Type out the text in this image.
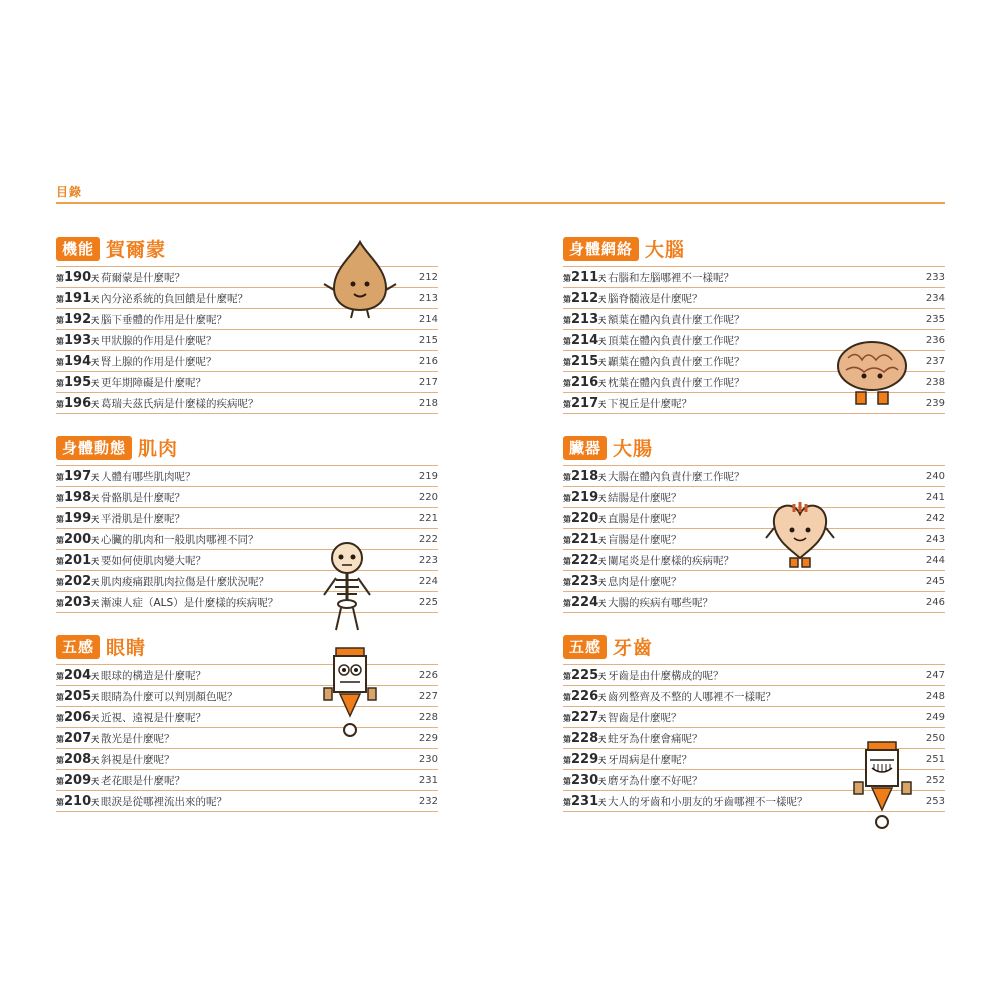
目錄
機能 賀爾蒙
第 190 天 荷爾蒙是什麼呢？	212
第 191 天 內分泌系統的負回饋是什麼呢？	213
第 192 天 腦下垂體的作用是什麼呢？	214
第 193 天 甲狀腺的作用是什麼呢？	215
第 194 天 腎上腺的作用是什麼呢？	216
第 195 天 更年期障礙是什麼呢？	217
第 196 天 葛瑞夫茲氏病是什麼樣的疾病呢？	218
身體動態 肌肉
第 197 天 人體有哪些肌肉呢？	219
第 198 天 骨骼肌是什麼呢？	220
第 199 天 平滑肌是什麼呢？	221
第 200 天 心臟的肌肉和一般肌肉哪裡不同？	222
第 201 天 要如何使肌肉變大呢？	223
第 202 天 肌肉痠痛跟肌肉拉傷是什麼狀況呢？	224
第 203 天 漸凍人症（ALS）是什麼樣的疾病呢？	225
五感 眼睛
第 204 天 眼球的構造是什麼呢？	226
第 205 天 眼睛為什麼可以判別顏色呢？	227
第 206 天 近視、遠視是什麼呢？	228
第 207 天 散光是什麼呢？	229
第 208 天 斜視是什麼呢？	230
第 209 天 老花眼是什麼呢？	231
第 210 天 眼淚是從哪裡流出來的呢？	232
身體網絡 大腦
第 211 天 右腦和左腦哪裡不一樣呢？	233
第 212 天 腦脊髓液是什麼呢？	234
第 213 天 額葉在體內負責什麼工作呢？	235
第 214 天 頂葉在體內負責什麼工作呢？	236
第 215 天 顳葉在體內負責什麼工作呢？	237
第 216 天 枕葉在體內負責什麼工作呢？	238
第 217 天 下視丘是什麼呢？	239
臟器 大腸
第 218 天 大腸在體內負責什麼工作呢？	240
第 219 天 結腸是什麼呢？	241
第 220 天 直腸是什麼呢？	242
第 221 天 盲腸是什麼呢？	243
第 222 天 闌尾炎是什麼樣的疾病呢？	244
第 223 天 息肉是什麼呢？	245
第 224 天 大腸的疾病有哪些呢？	246
五感 牙齒
第 225 天 牙齒是由什麼構成的呢？	247
第 226 天 齒列整齊及不整的人哪裡不一樣呢？	248
第 227 天 智齒是什麼呢？	249
第 228 天 蛀牙為什麼會痛呢？	250
第 229 天 牙周病是什麼呢？	251
第 230 天 磨牙為什麼不好呢？	252
第 231 天 大人的牙齒和小朋友的牙齒哪裡不一樣呢？	253
